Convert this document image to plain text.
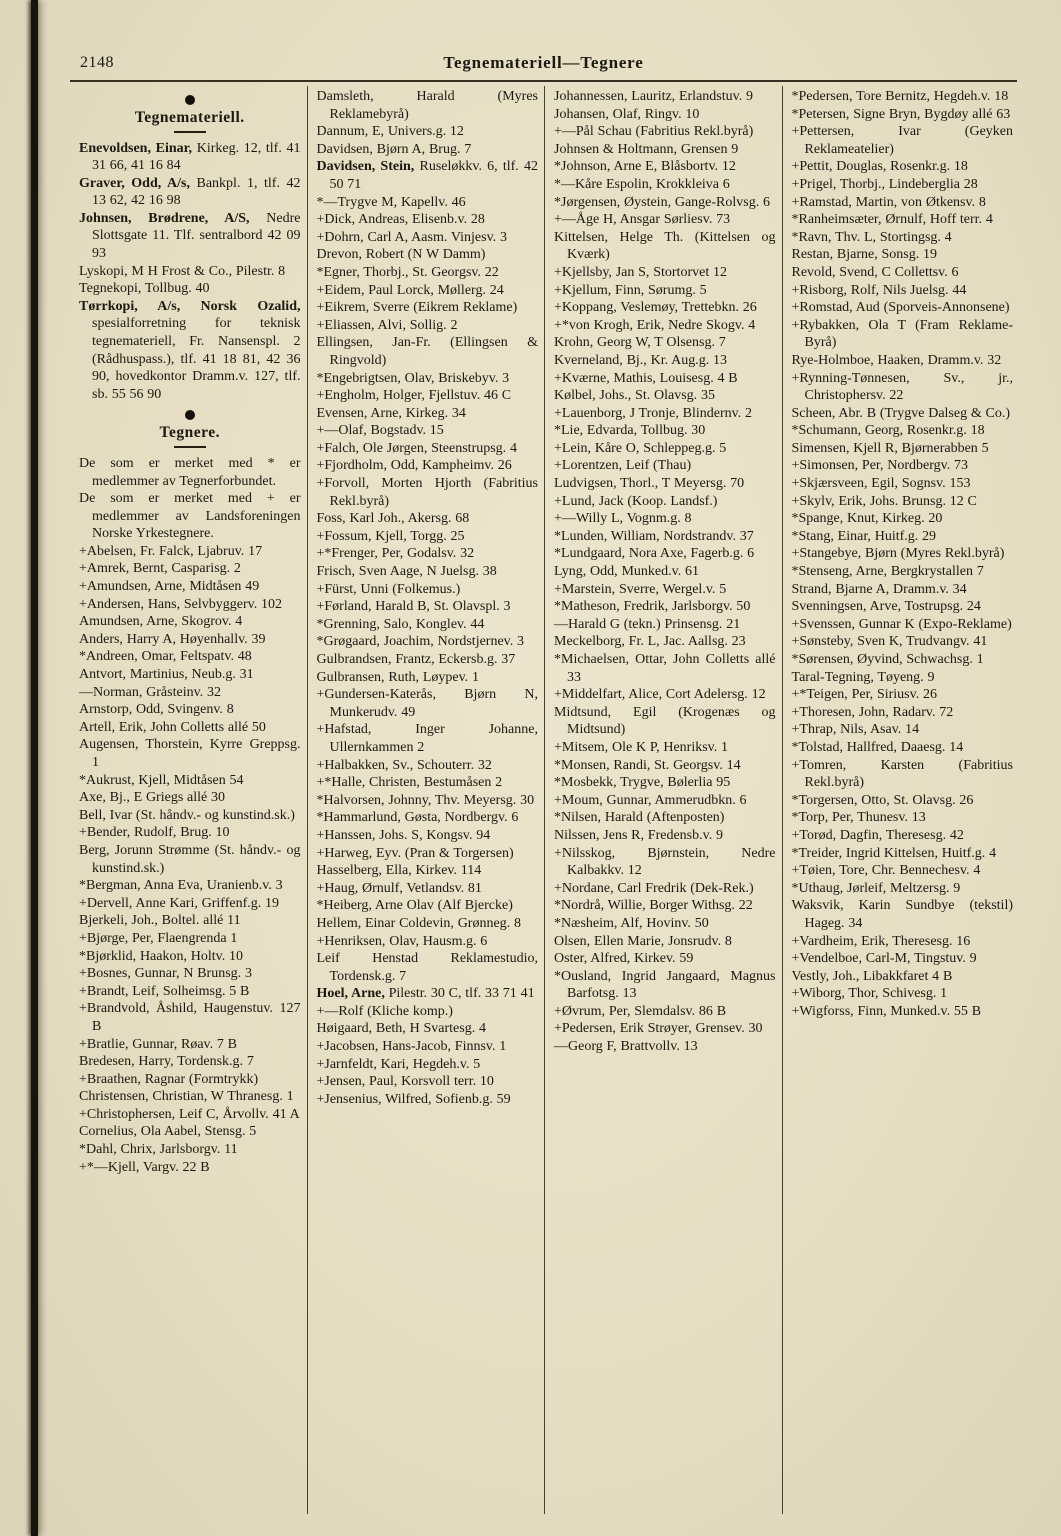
2148	Tegnemateriell—Tegnere
Tegnemateriell.

Enevoldsen, Einar, Kirkeg. 12, tlf. 41 31 66, 41 16 84

Graver, Odd, A/s, Bankpl. 1, tlf. 42 13 62, 42 16 98

Johnsen, Brødrene, A/S, Nedre Slottsgate 11. Tlf. sentralbord 42 09 93

Lyskopi, M H Frost & Co., Pilestr. 8

Tegnekopi, Tollbug. 40

Tørrkopi, A/s, Norsk Ozalid, spesialforretning for teknisk tegnemateriell, Fr. Nansenspl. 2 (Rådhuspass.), tlf. 41 18 81, 42 36 90, hovedkontor Dramm.v. 127, tlf. sb. 55 56 90

Tegnere.

De som er merket med * er medlemmer av Tegnerforbundet.

De som er merket med + er medlemmer av Landsforeningen Norske Yrkestegnere.

+Abelsen, Fr. Falck, Ljabruv. 17

+Amrek, Bernt, Casparisg. 2

+Amundsen, Arne, Midtåsen 49

+Andersen, Hans, Selvbyggerv. 102

Amundsen, Arne, Skogrov. 4

Anders, Harry A, Høyenhallv. 39

*Andreen, Omar, Feltspatv. 48

Antvort, Martinius, Neub.g. 31

—Norman, Gråsteinv. 32

Arnstorp, Odd, Svingenv. 8

Artell, Erik, John Colletts allé 50

Augensen, Thorstein, Kyrre Greppsg. 1

*Aukrust, Kjell, Midtåsen 54

Axe, Bj., E Griegs allé 30

Bell, Ivar (St. håndv.- og kunstind.sk.)

+Bender, Rudolf, Brug. 10

Berg, Jorunn Strømme (St. håndv.- og kunstind.sk.)

*Bergman, Anna Eva, Uranienb.v. 3

+Dervell, Anne Kari, Griffenf.g. 19

Bjerkeli, Joh., Boltel. allé 11

+Bjørge, Per, Flaengrenda 1

*Bjørklid, Haakon, Holtv. 10

+Bosnes, Gunnar, N Brunsg. 3

+Brandt, Leif, Solheimsg. 5 B

+Brandvold, Åshild, Haugenstuv. 127 B

+Bratlie, Gunnar, Røav. 7 B

Bredesen, Harry, Tordensk.g. 7

+Braathen, Ragnar (Formtrykk)

Christensen, Christian, W Thranesg. 1

+Christophersen, Leif C, Årvollv. 41 A

Cornelius, Ola Aabel, Stensg. 5

*Dahl, Chrix, Jarlsborgv. 11

+*—Kjell, Vargv. 22 B

Damsleth, Harald (Myres Reklamebyrå)

Dannum, E, Univers.g. 12

Davidsen, Bjørn A, Brug. 7

Davidsen, Stein, Ruseløkkv. 6, tlf. 42 50 71

*—Trygve M, Kapellv. 46

+Dick, Andreas, Elisenb.v. 28

+Dohrn, Carl A, Aasm. Vinjesv. 3

Drevon, Robert (N W Damm)

*Egner, Thorbj., St. Georgsv. 22

+Eidem, Paul Lorck, Møllerg. 24

+Eikrem, Sverre (Eikrem Reklame)

+Eliassen, Alvi, Sollig. 2

Ellingsen, Jan-Fr. (Ellingsen & Ringvold)

*Engebrigtsen, Olav, Briskebyv. 3

+Engholm, Holger, Fjellstuv. 46 C

Evensen, Arne, Kirkeg. 34

+—Olaf, Bogstadv. 15

+Falch, Ole Jørgen, Steenstrupsg. 4

+Fjordholm, Odd, Kampheimv. 26

+Forvoll, Morten Hjorth (Fabritius Rekl.byrå)

Foss, Karl Joh., Akersg. 68

+Fossum, Kjell, Torgg. 25

+*Frenger, Per, Godalsv. 32

Frisch, Sven Aage, N Juelsg. 38

+Fürst, Unni (Folkemus.)

+Førland, Harald B, St. Olavspl. 3

*Grenning, Salo, Konglev. 44

*Grøgaard, Joachim, Nordstjernev. 3

Gulbrandsen, Frantz, Eckersb.g. 37

Gulbransen, Ruth, Løypev. 1

+Gundersen-Katerås, Bjørn N, Munkerudv. 49

+Hafstad, Inger Johanne, Ullernkammen 2

+Halbakken, Sv., Schouterr. 32

+*Halle, Christen, Bestumåsen 2

*Halvorsen, Johnny, Thv. Meyersg. 30

*Hammarlund, Gøsta, Nordbergv. 6

+Hanssen, Johs. S, Kongsv. 94

+Harweg, Eyv. (Pran & Torgersen)

Hasselberg, Ella, Kirkev. 114

+Haug, Ørnulf, Vetlandsv. 81

*Heiberg, Arne Olav (Alf Bjercke)

Hellem, Einar Coldevin, Grønneg. 8

+Henriksen, Olav, Hausm.g. 6

Leif Henstad Reklamestudio, Tordensk.g. 7

Hoel, Arne, Pilestr. 30 C, tlf. 33 71 41

+—Rolf (Kliche komp.)

Høigaard, Beth, H Svartesg. 4

+Jacobsen, Hans-Jacob, Finnsv. 1

+Jarnfeldt, Kari, Hegdeh.v. 5

+Jensen, Paul, Korsvoll terr. 10

+Jensenius, Wilfred, Sofienb.g. 59

Johannessen, Lauritz, Erlandstuv. 9

Johansen, Olaf, Ringv. 10

+—Pål Schau (Fabritius Rekl.byrå)

Johnsen & Holtmann, Grensen 9

*Johnson, Arne E, Blåsbortv. 12

*—Kåre Espolin, Krokkleiva 6

*Jørgensen, Øystein, Gange-Rolvsg. 6

+—Åge H, Ansgar Sørliesv. 73

Kittelsen, Helge Th. (Kittelsen og Kværk)

+Kjellsby, Jan S, Stortorvet 12

+Kjellum, Finn, Sørumg. 5

+Koppang, Veslemøy, Trettebkn. 26

+*von Krogh, Erik, Nedre Skogv. 4

Krohn, Georg W, T Olsensg. 7

Kverneland, Bj., Kr. Aug.g. 13

+Kværne, Mathis, Louisesg. 4 B

Kølbel, Johs., St. Olavsg. 35

+Lauenborg, J Tronje, Blindernv. 2

*Lie, Edvarda, Tollbug. 30

+Lein, Kåre O, Schleppeg.g. 5

+Lorentzen, Leif (Thau)

Ludvigsen, Thorl., T Meyersg. 70

+Lund, Jack (Koop. Landsf.)

+—Willy L, Vognm.g. 8

*Lunden, William, Nordstrandv. 37

*Lundgaard, Nora Axe, Fagerb.g. 6

Lyng, Odd, Munked.v. 61

+Marstein, Sverre, Wergel.v. 5

*Matheson, Fredrik, Jarlsborgv. 50

—Harald G (tekn.) Prinsensg. 21

Meckelborg, Fr. L, Jac. Aallsg. 23

*Michaelsen, Ottar, John Colletts allé 33

+Middelfart, Alice, Cort Adelersg. 12

Midtsund, Egil (Krogenæs og Midtsund)

+Mitsem, Ole K P, Henriksv. 1

*Monsen, Randi, St. Georgsv. 14

*Mosbekk, Trygve, Bølerlia 95

+Moum, Gunnar, Ammerudbkn. 6

*Nilsen, Harald (Aftenposten)

Nilssen, Jens R, Fredensb.v. 9

+Nilsskog, Bjørnstein, Nedre Kalbakkv. 12

+Nordane, Carl Fredrik (Dek-Rek.)

*Nordrå, Willie, Borger Withsg. 22

*Næsheim, Alf, Hovinv. 50

Olsen, Ellen Marie, Jonsrudv. 8

Oster, Alfred, Kirkev. 59

*Ousland, Ingrid Jangaard, Magnus Barfotsg. 13

+Øvrum, Per, Slemdalsv. 86 B

+Pedersen, Erik Strøyer, Grensev. 30

—Georg F, Brattvollv. 13

*Pedersen, Tore Bernitz, Hegdeh.v. 18

*Petersen, Signe Bryn, Bygdøy allé 63

+Pettersen, Ivar (Geyken Reklameatelier)

+Pettit, Douglas, Rosenkr.g. 18

+Prigel, Thorbj., Lindeberglia 28

+Ramstad, Martin, von Øtkensv. 8

*Ranheimsæter, Ørnulf, Hoff terr. 4

*Ravn, Thv. L, Stortingsg. 4

Restan, Bjarne, Sonsg. 19

Revold, Svend, C Collettsv. 6

+Risborg, Rolf, Nils Juelsg. 44

+Romstad, Aud (Sporveis-Annonsene)

+Rybakken, Ola T (Fram Reklame-Byrå)

Rye-Holmboe, Haaken, Dramm.v. 32

+Rynning-Tønnesen, Sv., jr., Christophersv. 22

Scheen, Abr. B (Trygve Dalseg & Co.)

*Schumann, Georg, Rosenkr.g. 18

Simensen, Kjell R, Bjørnerabben 5

+Simonsen, Per, Nordbergv. 73

+Skjærsveen, Egil, Sognsv. 153

+Skylv, Erik, Johs. Brunsg. 12 C

*Spange, Knut, Kirkeg. 20

*Stang, Einar, Huitf.g. 29

+Stangebye, Bjørn (Myres Rekl.byrå)

*Stenseng, Arne, Bergkrystallen 7

Strand, Bjarne A, Dramm.v. 34

Svenningsen, Arve, Tostrupsg. 24

+Svenssen, Gunnar K (Expo-Reklame)

+Sønsteby, Sven K, Trudvangv. 41

*Sørensen, Øyvind, Schwachsg. 1

Taral-Tegning, Tøyeng. 9

+*Teigen, Per, Siriusv. 26

+Thoresen, John, Radarv. 72

+Thrap, Nils, Asav. 14

*Tolstad, Hallfred, Daaesg. 14

+Tomren, Karsten (Fabritius Rekl.byrå)

*Torgersen, Otto, St. Olavsg. 26

*Torp, Per, Thunesv. 13

+Torød, Dagfin, Theresesg. 42

*Treider, Ingrid Kittelsen, Huitf.g. 4

+Tøien, Tore, Chr. Bennechesv. 4

*Uthaug, Jørleif, Meltzersg. 9

Waksvik, Karin Sundbye (tekstil) Hageg. 34

+Vardheim, Erik, Theresesg. 16

+Vendelboe, Carl-M, Tingstuv. 9

Vestly, Joh., Libakkfaret 4 B

+Wiborg, Thor, Schivesg. 1

+Wigforss, Finn, Munked.v. 55 B
